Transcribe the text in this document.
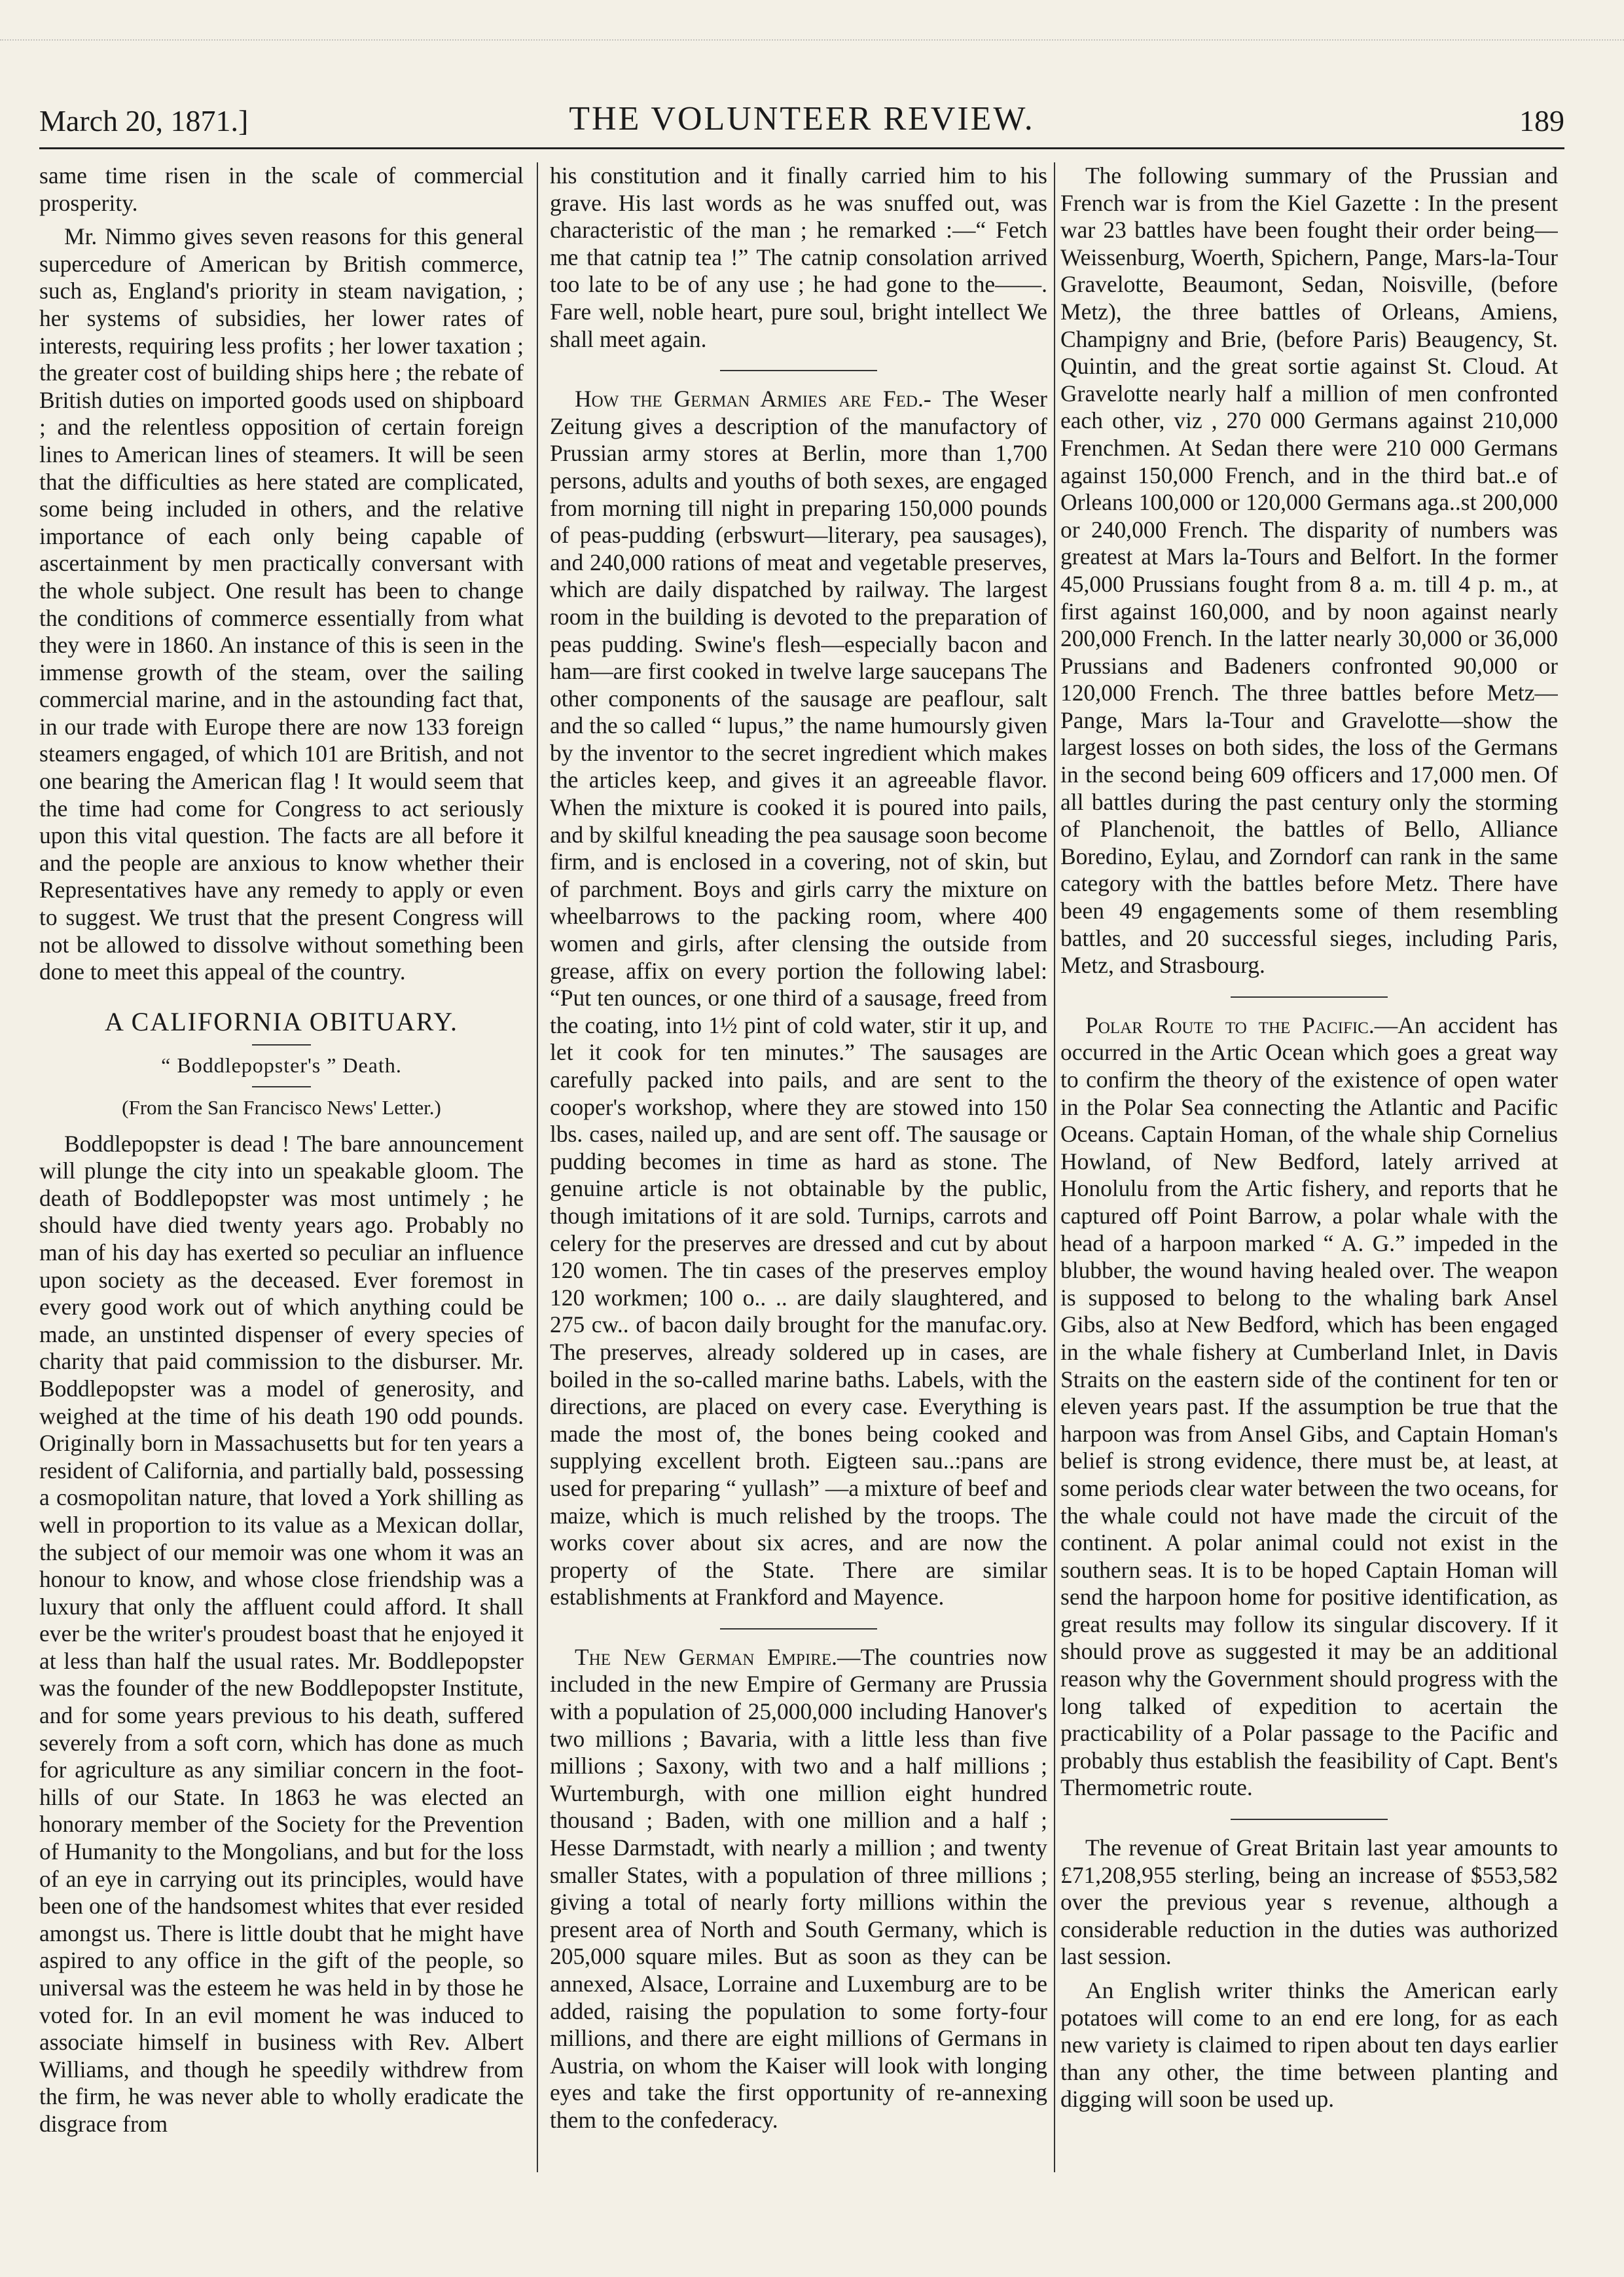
March 20, 1871.]	THE VOLUNTEER REVIEW.	189

same time risen in the scale of commercial prosperity.

Mr. Nimmo gives seven reasons for this general supercedure of American by British commerce, such as, England's priority in steam navigation, ; her systems of subsidies, her lower rates of interests, requiring less profits ; her lower taxation ; the greater cost of building ships here ; the rebate of British duties on imported goods used on shipboard ; and the relentless opposition of certain foreign lines to American lines of steamers. It will be seen that the difficulties as here stated are complicated, some being included in others, and the relative importance of each only being capable of ascertainment by men practically conversant with the whole subject. One result has been to change the conditions of commerce essentially from what they were in 1860. An instance of this is seen in the immense growth of the steam, over the sailing commercial marine, and in the astounding fact that, in our trade with Europe there are now 133 foreign steamers engaged, of which 101 are British, and not one bearing the American flag ! It would seem that the time had come for Congress to act seriously upon this vital question. The facts are all before it and the people are anxious to know whether their Representatives have any remedy to apply or even to suggest. We trust that the present Congress will not be allowed to dissolve without something been done to meet this appeal of the country.

A CALIFORNIA OBITUARY.
“ Boddlepopster's ” Death.
(From the San Francisco News' Letter.)

Boddlepopster is dead ! The bare announcement will plunge the city into un speakable gloom. The death of Boddlepopster was most untimely ; he should have died twenty years ago. Probably no man of his day has exerted so peculiar an influence upon society as the deceased. Ever foremost in every good work out of which anything could be made, an unstinted dispenser of every species of charity that paid commission to the disburser. Mr. Boddlepopster was a model of generosity, and weighed at the time of his death 190 odd pounds. Originally born in Massachusetts but for ten years a resident of California, and partially bald, possessing a cosmopolitan nature, that loved a York shilling as well in proportion to its value as a Mexican dollar, the subject of our memoir was one whom it was an honour to know, and whose close friendship was a luxury that only the affluent could afford. It shall ever be the writer's proudest boast that he enjoyed it at less than half the usual rates. Mr. Boddlepopster was the founder of the new Boddlepopster Institute, and for some years previous to his death, suffered severely from a soft corn, which has done as much for agriculture as any similiar concern in the foot-hills of our State. In 1863 he was elected an honorary member of the Society for the Prevention of Humanity to the Mongolians, and but for the loss of an eye in carrying out its principles, would have been one of the handsomest whites that ever resided amongst us. There is little doubt that he might have aspired to any office in the gift of the people, so universal was the esteem he was held in by those he voted for. In an evil moment he was induced to associate himself in business with Rev. Albert Williams, and though he speedily withdrew from the firm, he was never able to wholly eradicate the disgrace from

his constitution and it finally carried him to his grave. His last words as he was snuffed out, was characteristic of the man ; he remarked :—“ Fetch me that catnip tea !” The catnip consolation arrived too late to be of any use ; he had gone to the——. Fare well, noble heart, pure soul, bright intellect We shall meet again.

How the German Armies are Fed.- The Weser Zeitung gives a description of the manufactory of Prussian army stores at Berlin, more than 1,700 persons, adults and youths of both sexes, are engaged from morning till night in preparing 150,000 pounds of peas-pudding (erbswurt—literary, pea sausages), and 240,000 rations of meat and vegetable preserves, which are daily dispatched by railway. The largest room in the building is devoted to the preparation of peas pudding. Swine's flesh—especially bacon and ham—are first cooked in twelve large saucepans The other components of the sausage are peaflour, salt and the so called “ lupus,” the name humoursly given by the inventor to the secret ingredient which makes the articles keep, and gives it an agreeable flavor. When the mixture is cooked it is poured into pails, and by skilful kneading the pea sausage soon become firm, and is enclosed in a covering, not of skin, but of parchment. Boys and girls carry the mixture on wheelbarrows to the packing room, where 400 women and girls, after clensing the outside from grease, affix on every portion the following label: “Put ten ounces, or one third of a sausage, freed from the coating, into 1½ pint of cold water, stir it up, and let it cook for ten minutes.” The sausages are carefully packed into pails, and are sent to the cooper's workshop, where they are stowed into 150 lbs. cases, nailed up, and are sent off. The sausage or pudding becomes in time as hard as stone. The genuine article is not obtainable by the public, though imitations of it are sold. Turnips, carrots and celery for the preserves are dressed and cut by about 120 women. The tin cases of the preserves employ 120 workmen; 100 o.. .. are daily slaughtered, and 275 cw.. of bacon daily brought for the manufac.ory. The preserves, already soldered up in cases, are boiled in the so-called marine baths. Labels, with the directions, are placed on every case. Everything is made the most of, the bones being cooked and supplying excellent broth. Eigteen sau..:pans are used for preparing “ yullash” —a mixture of beef and maize, which is much relished by the troops. The works cover about six acres, and are now the property of the State. There are similar establishments at Frankford and Mayence.

The New German Empire.—The countries now included in the new Empire of Germany are Prussia with a population of 25,000,000 including Hanover's two millions ; Bavaria, with a little less than five millions ; Saxony, with two and a half millions ; Wurtemburgh, with one million eight hundred thousand ; Baden, with one million and a half ; Hesse Darmstadt, with nearly a million ; and twenty smaller States, with a population of three millions ; giving a total of nearly forty millions within the present area of North and South Germany, which is 205,000 square miles. But as soon as they can be annexed, Alsace, Lorraine and Luxemburg are to be added, raising the population to some forty-four millions, and there are eight millions of Germans in Austria, on whom the Kaiser will look with longing eyes and take the first opportunity of re-annexing them to the confederacy.

The following summary of the Prussian and French war is from the Kiel Gazette : In the present war 23 battles have been fought their order being—Weissenburg, Woerth, Spichern, Pange, Mars-la-Tour Gravelotte, Beaumont, Sedan, Noisville, (before Metz), the three battles of Orleans, Amiens, Champigny and Brie, (before Paris) Beaugency, St. Quintin, and the great sortie against St. Cloud. At Gravelotte nearly half a million of men confronted each other, viz , 270 000 Germans against 210,000 Frenchmen. At Sedan there were 210 000 Germans against 150,000 French, and in the third bat..e of Orleans 100,000 or 120,000 Germans aga..st 200,000 or 240,000 French. The disparity of numbers was greatest at Mars la-Tours and Belfort. In the former 45,000 Prussians fought from 8 a. m. till 4 p. m., at first against 160,000, and by noon against nearly 200,000 French. In the latter nearly 30,000 or 36,000 Prussians and Badeners confronted 90,000 or 120,000 French. The three battles before Metz—Pange, Mars la-Tour and Gravelotte—show the largest losses on both sides, the loss of the Germans in the second being 609 officers and 17,000 men. Of all battles during the past century only the storming of Planchenoit, the battles of Bello, Alliance Boredino, Eylau, and Zorndorf can rank in the same category with the battles before Metz. There have been 49 engagements some of them resembling battles, and 20 successful sieges, including Paris, Metz, and Strasbourg.

Polar Route to the Pacific.—An accident has occurred in the Artic Ocean which goes a great way to confirm the theory of the existence of open water in the Polar Sea connecting the Atlantic and Pacific Oceans. Captain Homan, of the whale ship Cornelius Howland, of New Bedford, lately arrived at Honolulu from the Artic fishery, and reports that he captured off Point Barrow, a polar whale with the head of a harpoon marked “ A. G.” impeded in the blubber, the wound having healed over. The weapon is supposed to belong to the whaling bark Ansel Gibs, also at New Bedford, which has been engaged in the whale fishery at Cumberland Inlet, in Davis Straits on the eastern side of the continent for ten or eleven years past. If the assumption be true that the harpoon was from Ansel Gibs, and Captain Homan's belief is strong evidence, there must be, at least, at some periods clear water between the two oceans, for the whale could not have made the circuit of the continent. A polar animal could not exist in the southern seas. It is to be hoped Captain Homan will send the harpoon home for positive identification, as great results may follow its singular discovery. If it should prove as suggested it may be an additional reason why the Government should progress with the long talked of expedition to acertain the practicability of a Polar passage to the Pacific and probably thus establish the feasibility of Capt. Bent's Thermometric route.

The revenue of Great Britain last year amounts to £71,208,955 sterling, being an increase of $553,582 over the previous year s revenue, although a considerable reduction in the duties was authorized last session.

An English writer thinks the American early potatoes will come to an end ere long, for as each new variety is claimed to ripen about ten days earlier than any other, the time between planting and digging will soon be used up.
